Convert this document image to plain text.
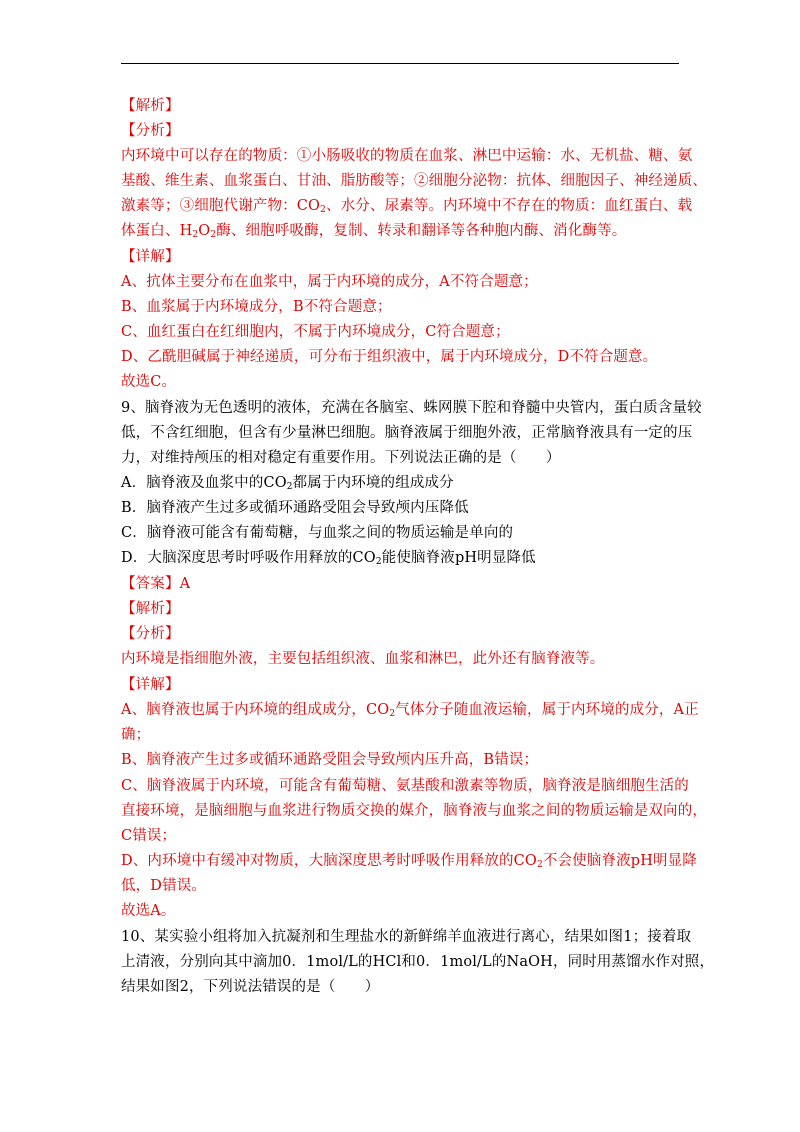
【解析】
【分析】
内环境中可以存在的物质：①小肠吸收的物质在血浆、淋巴中运输：水、无机盐、糖、氨
基酸、维生素、血浆蛋白、甘油、脂肪酸等；②细胞分泌物：抗体、细胞因子、神经递质、
激素等；③细胞代谢产物：$CO_2$、水分、尿素等。内环境中不存在的物质：血红蛋白、载
体蛋白、$H_2O_2$酶、细胞呼吸酶，复制、转录和翻译等各种胞内酶、消化酶等。
【详解】
A、抗体主要分布在血浆中，属于内环境的成分，A不符合题意；
B、血浆属于内环境成分，B不符合题意；
C、血红蛋白在红细胞内，不属于内环境成分，C符合题意；
D、乙酰胆碱属于神经递质，可分布于组织液中，属于内环境成分，D不符合题意。
故选C。
9、脑脊液为无色透明的液体，充满在各脑室、蛛网膜下腔和脊髓中央管内，蛋白质含量较
低，不含红细胞，但含有少量淋巴细胞。脑脊液属于细胞外液，正常脑脊液具有一定的压
力，对维持颅压的相对稳定有重要作用。下列说法正确的是（　　）
A．脑脊液及血浆中的$CO_2$都属于内环境的组成成分
B．脑脊液产生过多或循环通路受阻会导致颅内压降低
C．脑脊液可能含有葡萄糖，与血浆之间的物质运输是单向的
D．大脑深度思考时呼吸作用释放的$CO_2$能使脑脊液pH明显降低
【答案】A
【解析】
【分析】
内环境是指细胞外液，主要包括组织液、血浆和淋巴，此外还有脑脊液等。
【详解】
A、脑脊液也属于内环境的组成成分，$CO_2$气体分子随血液运输，属于内环境的成分，A正
确；
B、脑脊液产生过多或循环通路受阻会导致颅内压升高，B错误；
C、脑脊液属于内环境，可能含有葡萄糖、氨基酸和激素等物质，脑脊液是脑细胞生活的
直接环境，是脑细胞与血浆进行物质交换的媒介，脑脊液与血浆之间的物质运输是双向的，
C错误；
D、内环境中有缓冲对物质，大脑深度思考时呼吸作用释放的$CO_2$不会使脑脊液pH明显降
低，D错误。
故选A。
10、某实验小组将加入抗凝剂和生理盐水的新鲜绵羊血液进行离心，结果如图1；接着取
上清液，分别向其中滴加0．1mol/L的HCl和0．1mol/L的NaOH，同时用蒸馏水作对照，
结果如图2，下列说法错误的是（　　）
